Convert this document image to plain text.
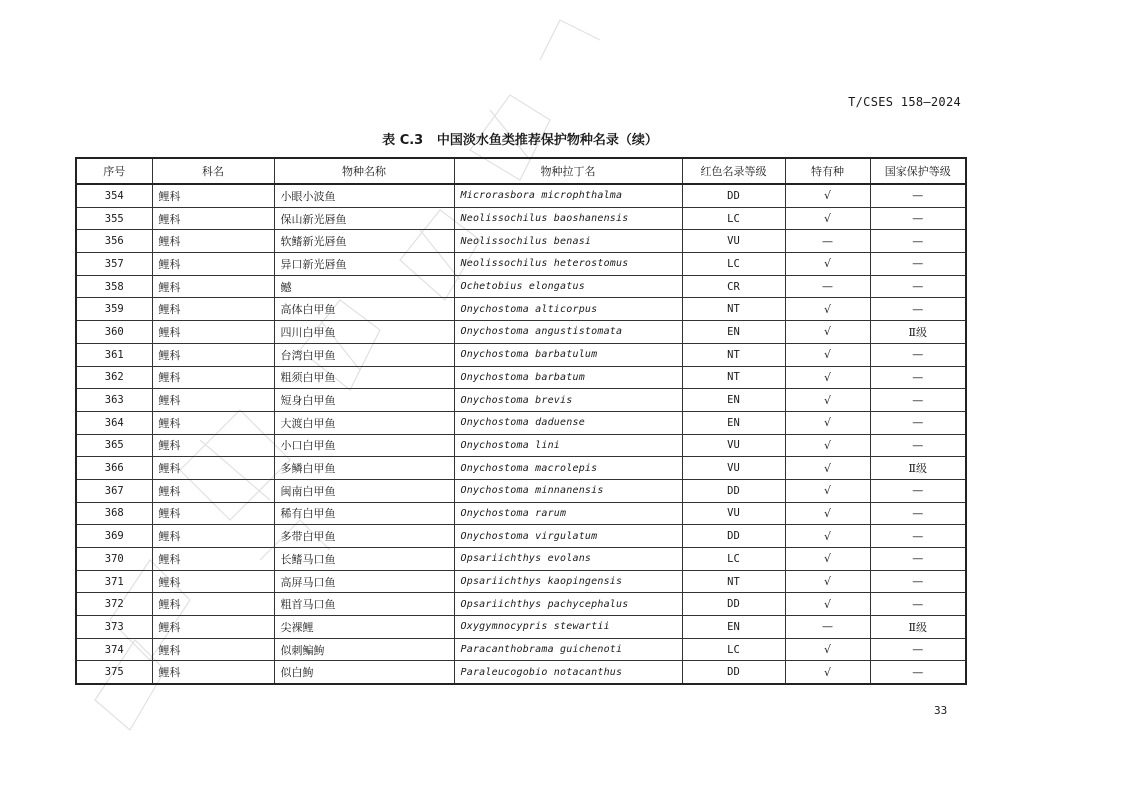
T/CSES 158—2024
表 C.3 中国淡水鱼类推荐保护物种名录（续）
序号	科名	物种名称	物种拉丁名	红色名录等级	特有种	国家保护等级
354	鲤科	小眼小波鱼	Microrasbora microphthalma	DD	√	—
355	鲤科	保山新光唇鱼	Neolissochilus baoshanensis	LC	√	—
356	鲤科	软鳍新光唇鱼	Neolissochilus benasi	VU	—	—
357	鲤科	异口新光唇鱼	Neolissochilus heterostomus	LC	√	—
358	鲤科	鳡	Ochetobius elongatus	CR	—	—
359	鲤科	高体白甲鱼	Onychostoma alticorpus	NT	√	—
360	鲤科	四川白甲鱼	Onychostoma angustistomata	EN	√	Ⅱ级
361	鲤科	台湾白甲鱼	Onychostoma barbatulum	NT	√	—
362	鲤科	粗须白甲鱼	Onychostoma barbatum	NT	√	—
363	鲤科	短身白甲鱼	Onychostoma brevis	EN	√	—
364	鲤科	大渡白甲鱼	Onychostoma daduense	EN	√	—
365	鲤科	小口白甲鱼	Onychostoma lini	VU	√	—
366	鲤科	多鳞白甲鱼	Onychostoma macrolepis	VU	√	Ⅱ级
367	鲤科	闽南白甲鱼	Onychostoma minnanensis	DD	√	—
368	鲤科	稀有白甲鱼	Onychostoma rarum	VU	√	—
369	鲤科	多带白甲鱼	Onychostoma virgulatum	DD	√	—
370	鲤科	长鳍马口鱼	Opsariichthys evolans	LC	√	—
371	鲤科	高屏马口鱼	Opsariichthys kaopingensis	NT	√	—
372	鲤科	粗首马口鱼	Opsariichthys pachycephalus	DD	√	—
373	鲤科	尖裸鲤	Oxygymnocypris stewartii	EN	—	Ⅱ级
374	鲤科	似刺鳊鮈	Paracanthobrama guichenoti	LC	√	—
375	鲤科	似白鮈	Paraleucogobio notacanthus	DD	√	—
33
